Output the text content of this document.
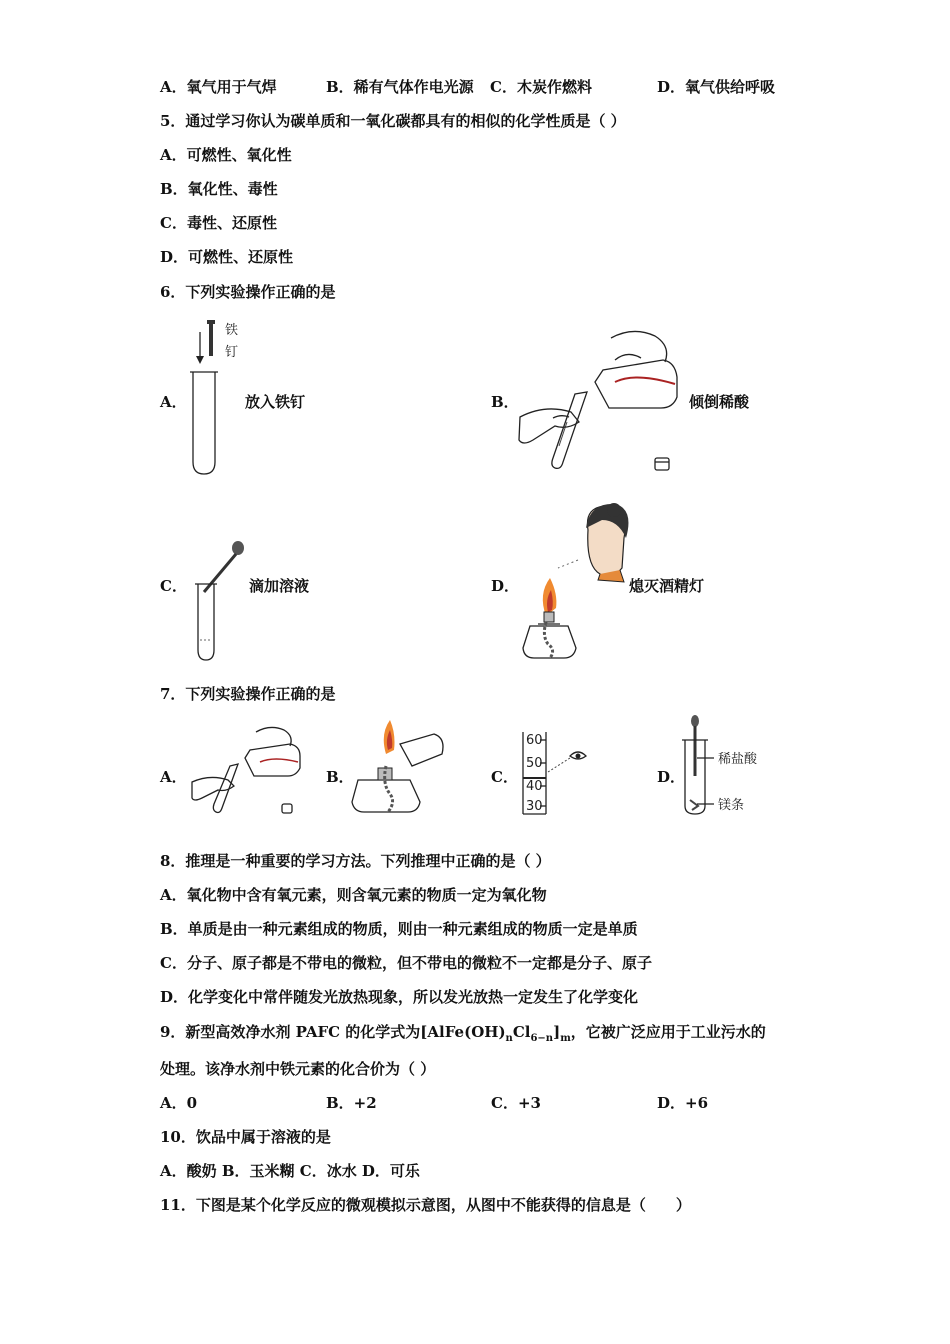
A．氧气用于气焊	B．稀有气体作电光源 C．木炭作燃料	D．氧气供给呼吸
5．通过学习你认为碳单质和一氧化碳都具有的相似的化学性质是（ ）
A．可燃性、氧化性
B．氧化性、毒性
C．毒性、还原性
D．可燃性、还原性
6．下列实验操作正确的是
A．
铁
钉
放入铁钉	B．	倾倒稀酸
C．	滴加溶液	D．	熄灭酒精灯
7．下列实验操作正确的是
A．	B．	C．
60
50
40
30
D．
稀盐酸
镁条
8．推理是一种重要的学习方法。下列推理中正确的是（ ）
A．氧化物中含有氧元素，则含氧元素的物质一定为氧化物
B．单质是由一种元素组成的物质，则由一种元素组成的物质一定是单质
C．分子、原子都是不带电的微粒，但不带电的微粒不一定都是分子、原子
D．化学变化中常伴随发光放热现象，所以发光放热一定发生了化学变化
9．新型高效净水剂 PAFC 的化学式为$[AlFe(OH)_nCl_{6-n}]_m$，它被广泛应用于工业污水的
处理。该净水剂中铁元素的化合价为（ ）
A．0	B．+2	C．+3	D．+6
10．饮品中属于溶液的是
A．酸奶 B．玉米糊 C．冰水 D．可乐
11．下图是某个化学反应的微观模拟示意图，从图中不能获得的信息是（　　）
